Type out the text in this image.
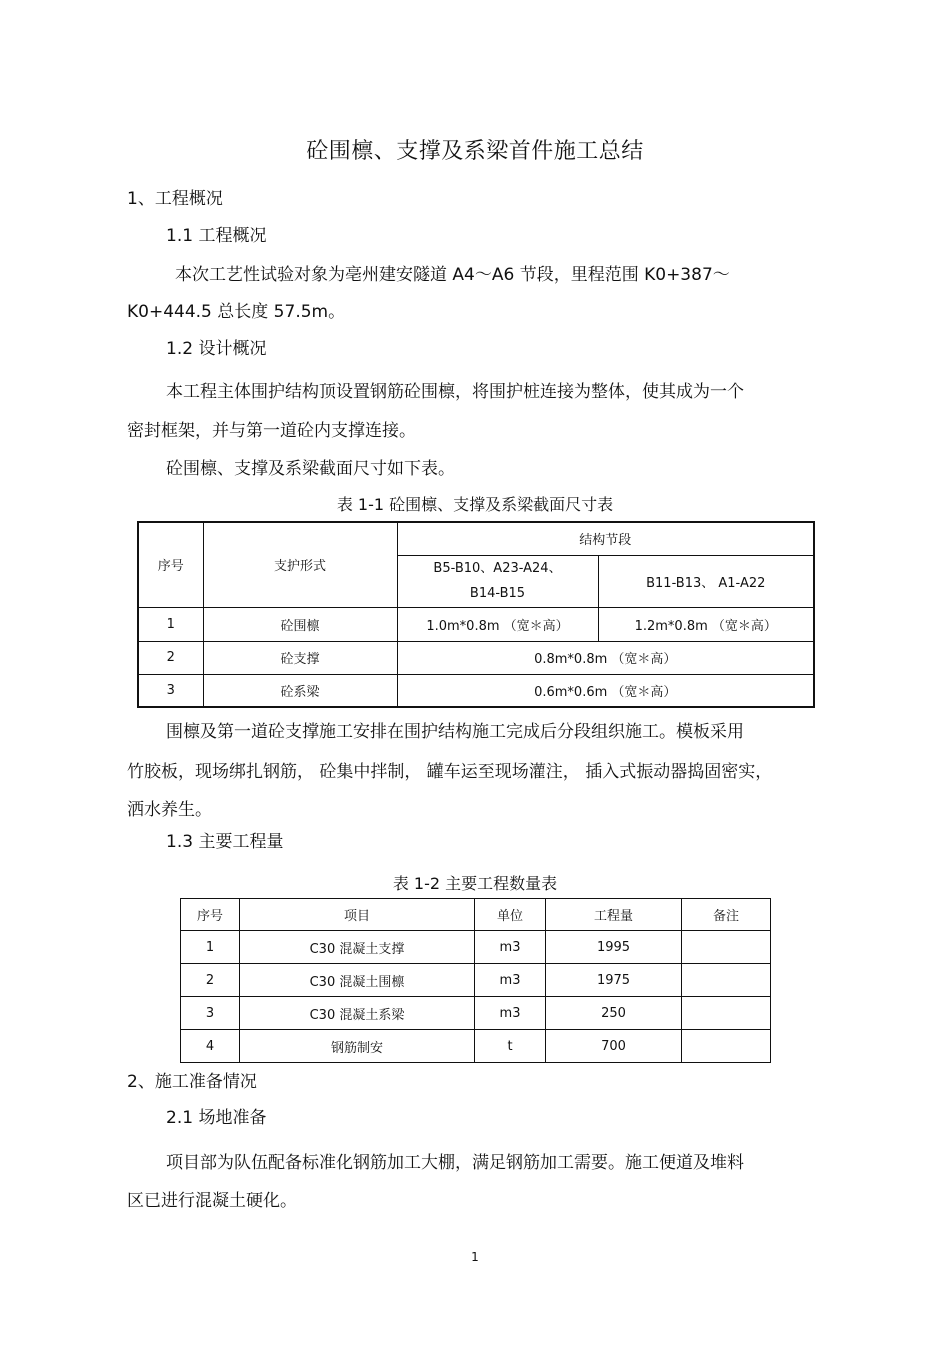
砼围檩、支撑及系梁首件施工总结
1、工程概况
1.1 工程概况
本次工艺性试验对象为亳州建安隧道 A4～A6 节段，里程范围 K0+387～
K0+444.5 总长度 57.5m。
1.2 设计概况
本工程主体围护结构顶设置钢筋砼围檩，将围护桩连接为整体，使其成为一个
密封框架，并与第一道砼内支撑连接。
砼围檩、支撑及系梁截面尺寸如下表。
表 1-1 砼围檩、支撑及系梁截面尺寸表
序号	支护形式	结构节段	

		B5-B10、A23-A24、
B14-B15	B11-B13、 A1-A22
1	砼围檩	1.0m*0.8m （宽＊高）	1.2m*0.8m （宽＊高）
2	砼支撑	0.8m*0.8m （宽＊高）	
3	砼系梁	0.6m*0.6m （宽＊高）	
围檩及第一道砼支撑施工安排在围护结构施工完成后分段组织施工。模板采用
竹胶板，现场绑扎钢筋， 砼集中拌制， 罐车运至现场灌注， 插入式振动器捣固密实，
洒水养生。
1.3 主要工程量
表 1-2 主要工程数量表
序号	项目	单位	工程量	备注
1	C30 混凝土支撑	m3	1995	
2	C30 混凝土围檩	m3	1975	
3	C30 混凝土系梁	m3	250	
4	钢筋制安	t	700	
2、施工准备情况
2.1 场地准备
项目部为队伍配备标准化钢筋加工大棚，满足钢筋加工需要。施工便道及堆料
区已进行混凝土硬化。
1
